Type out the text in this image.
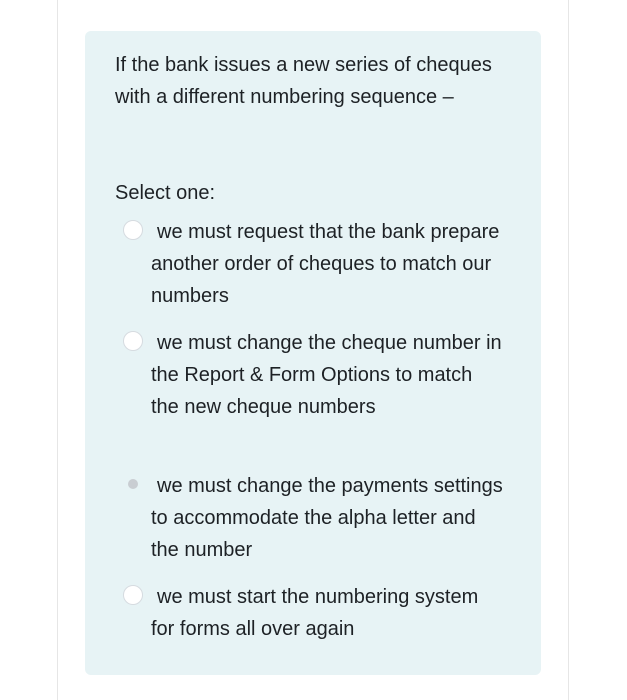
If the bank issues a new series of cheques with a different numbering sequence –

Select one:

we must request that the bank prepare another order of cheques to match our numbers
we must change the cheque number in the Report & Form Options to match the new cheque numbers
we must change the payments settings to accommodate the alpha letter and the number
we must start the numbering system for forms all over again
